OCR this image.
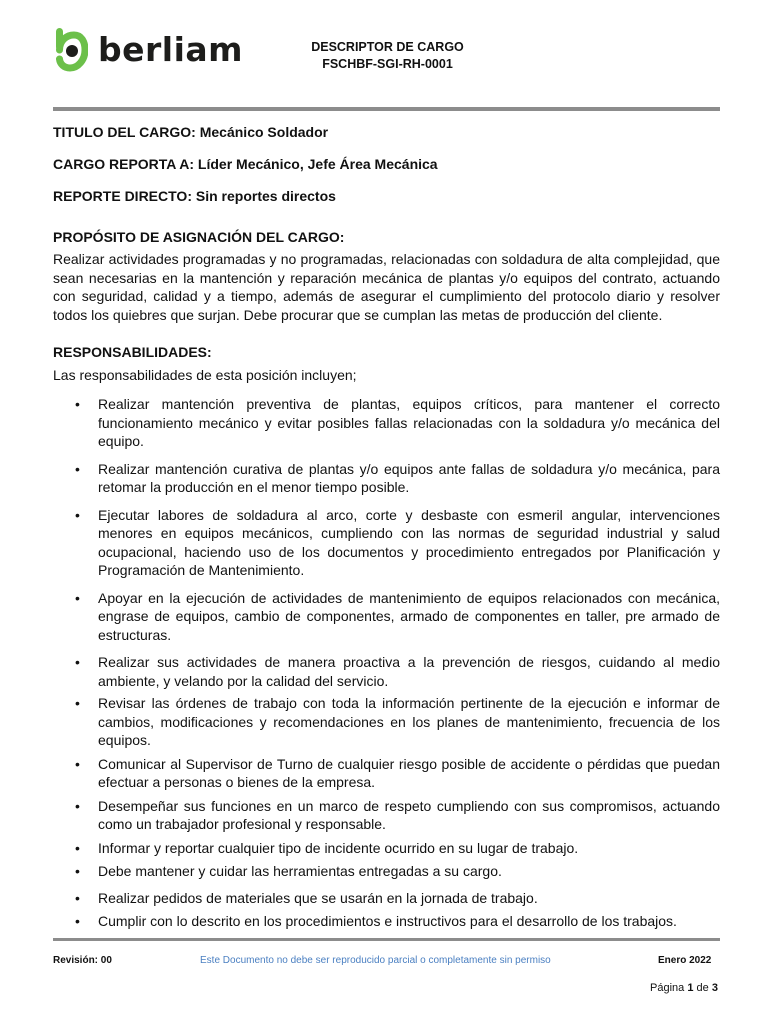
berliam	DESCRIPTOR DE CARGO
FSCHBF-SGI-RH-0001

TITULO DEL CARGO: Mecánico Soldador

CARGO REPORTA A: Líder Mecánico, Jefe Área Mecánica

REPORTE DIRECTO: Sin reportes directos

PROPÓSITO DE ASIGNACIÓN DEL CARGO:

Realizar actividades programadas y no programadas, relacionadas con soldadura de alta complejidad, que sean necesarias en la mantención y reparación mecánica de plantas y/o equipos del contrato, actuando con seguridad, calidad y a tiempo, además de asegurar el cumplimiento del protocolo diario y resolver todos los quiebres que surjan. Debe procurar que se cumplan las metas de producción del cliente.

RESPONSABILIDADES:

Las responsabilidades de esta posición incluyen;

• Realizar mantención preventiva de plantas, equipos críticos, para mantener el correcto funcionamiento mecánico y evitar posibles fallas relacionadas con la soldadura y/o mecánica del equipo.
• Realizar mantención curativa de plantas y/o equipos ante fallas de soldadura y/o mecánica, para retomar la producción en el menor tiempo posible.
• Ejecutar labores de soldadura al arco, corte y desbaste con esmeril angular, intervenciones menores en equipos mecánicos, cumpliendo con las normas de seguridad industrial y salud ocupacional, haciendo uso de los documentos y procedimiento entregados por Planificación y Programación de Mantenimiento.
• Apoyar en la ejecución de actividades de mantenimiento de equipos relacionados con mecánica, engrase de equipos, cambio de componentes, armado de componentes en taller, pre armado de estructuras.
• Realizar sus actividades de manera proactiva a la prevención de riesgos, cuidando al medio ambiente, y velando por la calidad del servicio.
• Revisar las órdenes de trabajo con toda la información pertinente de la ejecución e informar de cambios, modificaciones y recomendaciones en los planes de mantenimiento, frecuencia de los equipos.
• Comunicar al Supervisor de Turno de cualquier riesgo posible de accidente o pérdidas que puedan efectuar a personas o bienes de la empresa.
• Desempeñar sus funciones en un marco de respeto cumpliendo con sus compromisos, actuando como un trabajador profesional y responsable.
• Informar y reportar cualquier tipo de incidente ocurrido en su lugar de trabajo.
• Debe mantener y cuidar las herramientas entregadas a su cargo.
• Realizar pedidos de materiales que se usarán en la jornada de trabajo.
• Cumplir con lo descrito en los procedimientos e instructivos para el desarrollo de los trabajos.
Revisión: 00	Este Documento no debe ser reproducido parcial o completamente sin permiso	Enero 2022
Página 1 de 3
